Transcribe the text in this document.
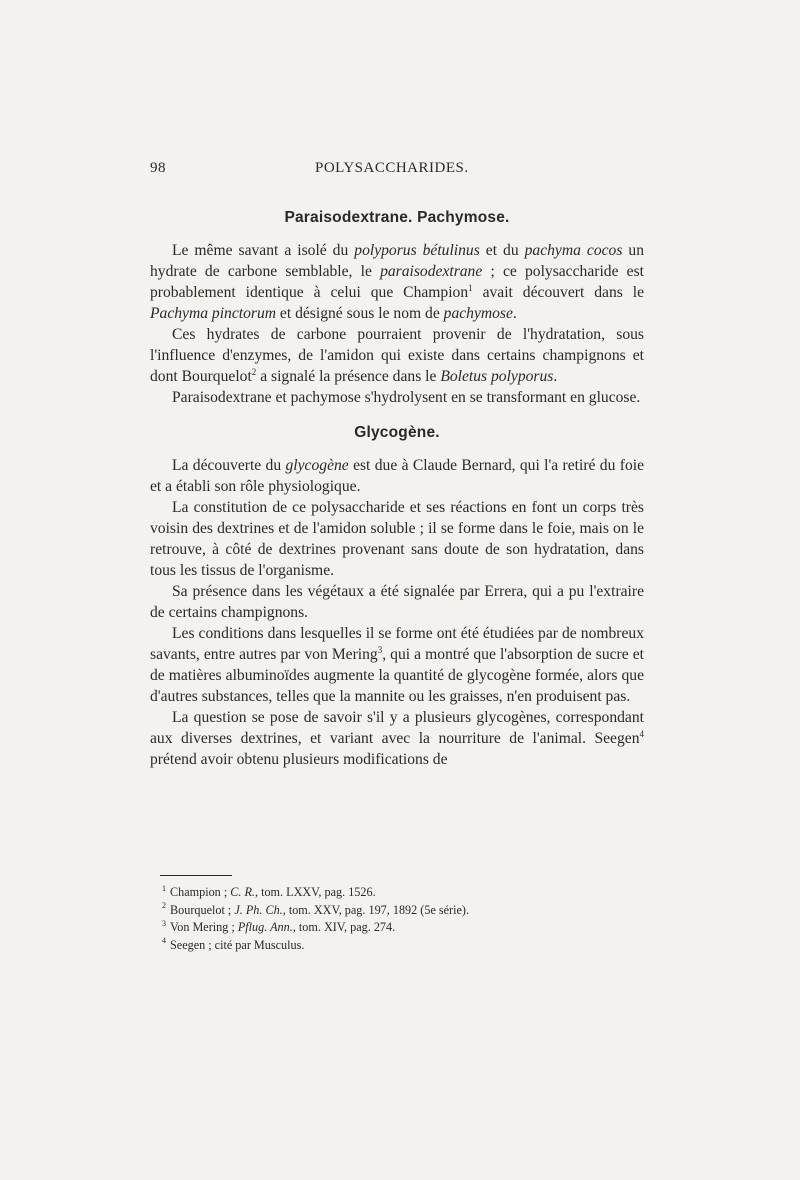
98	POLYSACCHARIDES.
Paraisodextrane. Pachymose.

Le même savant a isolé du polyporus bétulinus et du pachyma cocos un hydrate de carbone semblable, le paraisodextrane ; ce polysaccharide est probablement identique à celui que Champion$^1$ avait découvert dans le Pachyma pinctorum et désigné sous le nom de pachymose.

Ces hydrates de carbone pourraient provenir de l'hydratation, sous l'influence d'enzymes, de l'amidon qui existe dans certains champignons et dont Bourquelot$^2$ a signalé la présence dans le Boletus polyporus.

Paraisodextrane et pachymose s'hydrolysent en se transformant en glucose.

Glycogène.

La découverte du glycogène est due à Claude Bernard, qui l'a retiré du foie et a établi son rôle physiologique.

La constitution de ce polysaccharide et ses réactions en font un corps très voisin des dextrines et de l'amidon soluble ; il se forme dans le foie, mais on le retrouve, à côté de dextrines provenant sans doute de son hydratation, dans tous les tissus de l'organisme.

Sa présence dans les végétaux a été signalée par Errera, qui a pu l'extraire de certains champignons.

Les conditions dans lesquelles il se forme ont été étudiées par de nombreux savants, entre autres par von Mering$^3$, qui a montré que l'absorption de sucre et de matières albuminoïdes augmente la quantité de glycogène formée, alors que d'autres substances, telles que la mannite ou les graisses, n'en produisent pas.

La question se pose de savoir s'il y a plusieurs glycogènes, correspondant aux diverses dextrines, et variant avec la nourriture de l'animal. Seegen$^4$ prétend avoir obtenu plusieurs modifications de

$^1$ Champion ; C. R., tom. LXXV, pag. 1526.
$^2$ Bourquelot ; J. Ph. Ch., tom. XXV, pag. 197, 1892 (5e série).
$^3$ Von Mering ; Pflug. Ann., tom. XIV, pag. 274.
$^4$ Seegen ; cité par Musculus.
